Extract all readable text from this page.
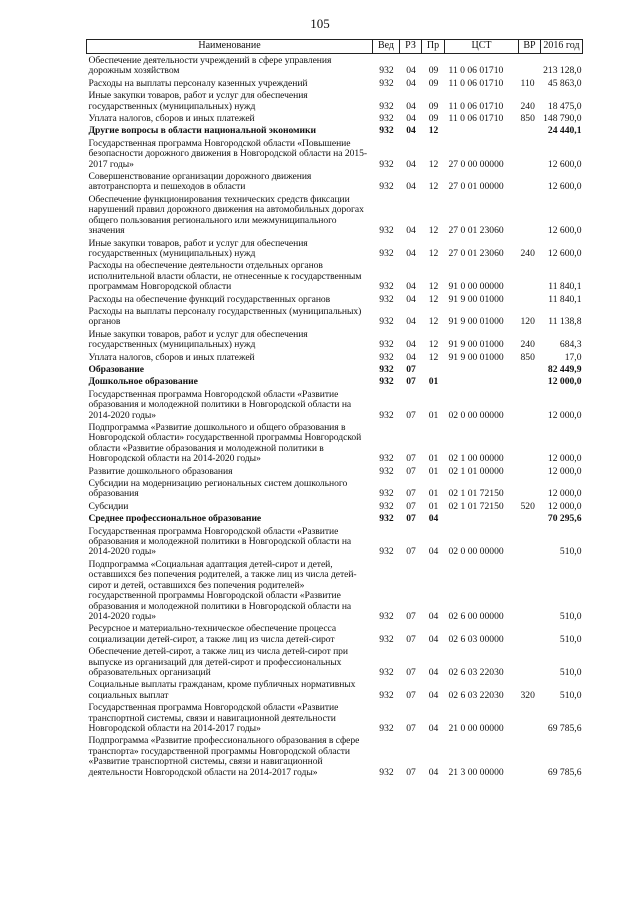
105
Наименование	Вед	РЗ	Пр	ЦСТ	ВР	2016 год
Обеспечение деятельности учреждений в сфере управления дорожным хозяйством	932	04	09	11 0 06 01710		213 128,0
Расходы на выплаты персоналу казенных учреждений	932	04	09	11 0 06 01710	110	45 863,0
Иные закупки товаров, работ и услуг для обеспечения государственных (муниципальных) нужд	932	04	09	11 0 06 01710	240	18 475,0
Уплата налогов, сборов и иных платежей	932	04	09	11 0 06 01710	850	148 790,0
Другие вопросы в области национальной экономики	932	04	12			24 440,1
Государственная программа Новгородской области «Повышение безопасности дорожного движения в Новгородской области на 2015-2017 годы»	932	04	12	27 0 00 00000		12 600,0
Совершенствование организации дорожного движения автотранспорта и пешеходов в области	932	04	12	27 0 01 00000		12 600,0
Обеспечение функционирования технических средств фиксации нарушений правил дорожного движения на автомобильных дорогах общего пользования регионального или межмуниципального значения	932	04	12	27 0 01 23060		12 600,0
Иные закупки товаров, работ и услуг для обеспечения государственных (муниципальных) нужд	932	04	12	27 0 01 23060	240	12 600,0
Расходы на обеспечение деятельности отдельных органов исполнительной власти области, не отнесенные к государственным программам Новгородской области	932	04	12	91 0 00 00000		11 840,1
Расходы на обеспечение функций государственных органов	932	04	12	91 9 00 01000		11 840,1
Расходы на выплаты персоналу государственных (муниципальных) органов	932	04	12	91 9 00 01000	120	11 138,8
Иные закупки товаров, работ и услуг для обеспечения государственных (муниципальных) нужд	932	04	12	91 9 00 01000	240	684,3
Уплата налогов, сборов и иных платежей	932	04	12	91 9 00 01000	850	17,0
Образование	932	07				82 449,9
Дошкольное образование	932	07	01			12 000,0
Государственная программа Новгородской области «Развитие образования и молодежной политики в Новгородской области на 2014-2020 годы»	932	07	01	02 0 00 00000		12 000,0
Подпрограмма «Развитие дошкольного и общего образования в Новгородской области» государственной программы Новгородской области «Развитие образования и молодежной политики в Новгородской области на 2014-2020 годы»	932	07	01	02 1 00 00000		12 000,0
Развитие дошкольного образования	932	07	01	02 1 01 00000		12 000,0
Субсидии на модернизацию региональных систем дошкольного образования	932	07	01	02 1 01 72150		12 000,0
Субсидии	932	07	01	02 1 01 72150	520	12 000,0
Среднее профессиональное образование	932	07	04			70 295,6
Государственная программа Новгородской области «Развитие образования и молодежной политики в Новгородской области на 2014-2020 годы»	932	07	04	02 0 00 00000		510,0
Подпрограмма «Социальная адаптация детей-сирот и детей, оставшихся без попечения родителей, а также лиц из числа детей-сирот и детей, оставшихся без попечения родителей» государственной программы Новгородской области «Развитие образования и молодежной политики в Новгородской области на 2014-2020 годы»	932	07	04	02 6 00 00000		510,0
Ресурсное и материально-техническое обеспечение процесса социализации детей-сирот, а также лиц из числа детей-сирот	932	07	04	02 6 03 00000		510,0
Обеспечение детей-сирот, а также лиц из числа детей-сирот при выпуске из организаций для детей-сирот и профессиональных образовательных организаций	932	07	04	02 6 03 22030		510,0
Социальные выплаты гражданам, кроме публичных нормативных социальных выплат	932	07	04	02 6 03 22030	320	510,0
Государственная программа Новгородской области «Развитие транспортной системы, связи и навигационной деятельности Новгородской области на 2014-2017 годы»	932	07	04	21 0 00 00000		69 785,6
Подпрограмма «Развитие профессионального образования в сфере транспорта» государственной программы Новгородской области «Развитие транспортной системы, связи и навигационной деятельности Новгородской области на 2014-2017 годы»	932	07	04	21 3 00 00000		69 785,6
